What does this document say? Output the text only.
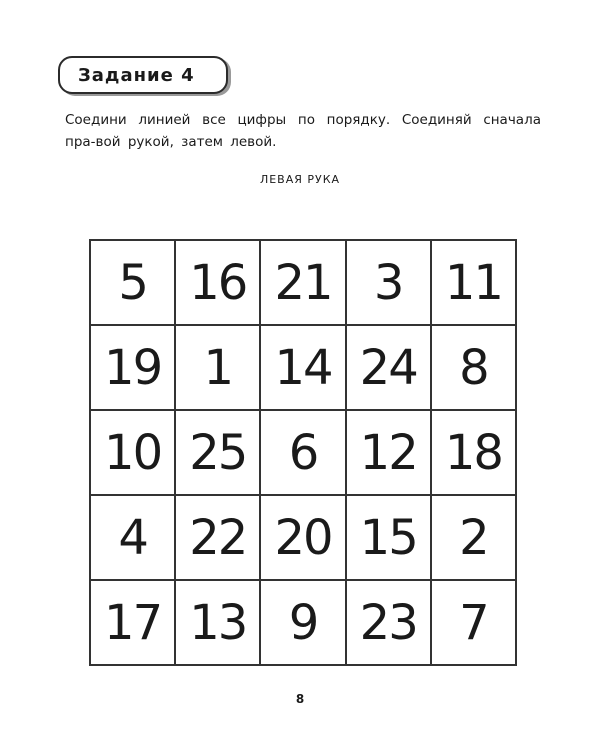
Задание 4
Соедини линией все цифры по порядку. Соединяй сначала пра-вой рукой, затем левой.
ЛЕВАЯ РУКА
5 16 21 3 11
19 1 14 24 8
10 25 6 12 18
4 22 20 15 2
17 13 9 23 7
8
